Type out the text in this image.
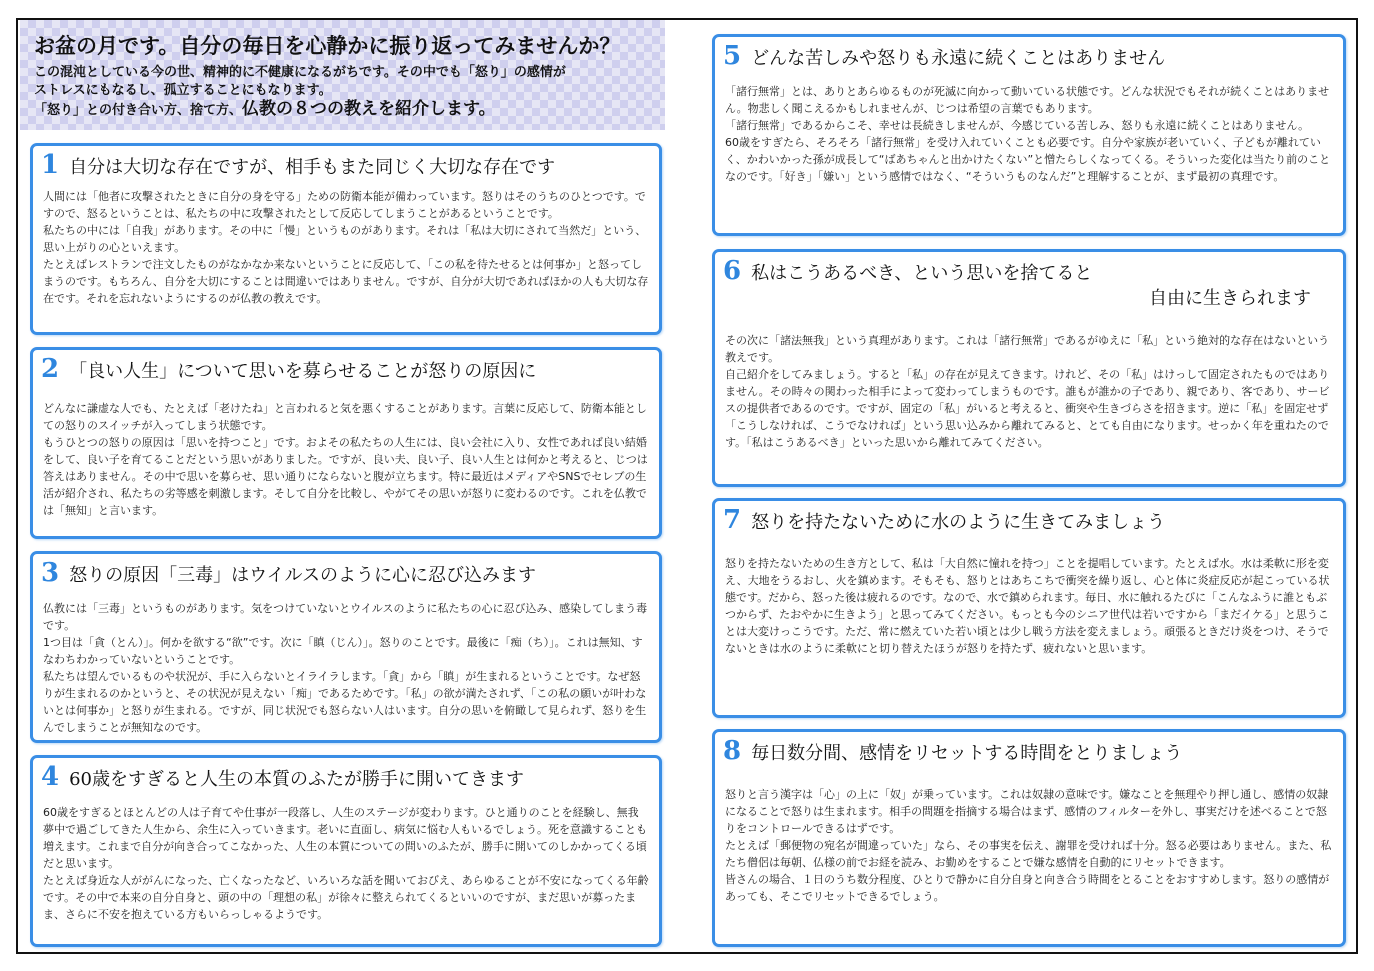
お盆の月です。自分の毎日を心静かに振り返ってみませんか？
この混沌としている今の世、精神的に不健康になるがちです。その中でも「怒り」の感情が
ストレスにもなるし、孤立することにもなります。
「怒り」との付き合い方、捨て方、仏教の８つの教えを紹介します。
1 自分は大切な存在ですが、相手もまた同じく大切な存在です

人間には「他者に攻撃されたときに自分の身を守る」ための防衛本能が備わっています。怒りはそのうちのひとつです。ですので、怒るということは、私たちの中に攻撃されたとして反応してしまうことがあるということです。

私たちの中には「自我」があります。その中に「慢」というものがあります。それは「私は大切にされて当然だ」という、思い上がりの心といえます。

たとえばレストランで注文したものがなかなか来ないということに反応して、「この私を待たせるとは何事か」と怒ってしまうのです。もちろん、自分を大切にすることは間違いではありません。ですが、自分が大切であればほかの人も大切な存在です。それを忘れないようにするのが仏教の教えです。

2 「良い人生」について思いを募らせることが怒りの原因に

どんなに謙虚な人でも、たとえば「老けたね」と言われると気を悪くすることがあります。言葉に反応して、防衛本能としての怒りのスイッチが入ってしまう状態です。

もうひとつの怒りの原因は「思いを持つこと」です。およその私たちの人生には、良い会社に入り、女性であれば良い結婚をして、良い子を育てることだという思いがありました。ですが、良い夫、良い子、良い人生とは何かと考えると、じつは答えはありません。その中で思いを募らせ、思い通りにならないと腹が立ちます。特に最近はメディアやSNSでセレブの生活が紹介され、私たちの劣等感を刺激します。そして自分を比較し、やがてその思いが怒りに変わるのです。これを仏教では「無知」と言います。

3 怒りの原因「三毒」はウイルスのように心に忍び込みます

仏教には「三毒」というものがあります。気をつけていないとウイルスのように私たちの心に忍び込み、感染してしまう毒です。

1つ目は「貪（とん）」。何かを欲する“欲”です。次に「瞋（じん）」。怒りのことです。最後に「痴（ち）」。これは無知、すなわちわかっていないということです。

私たちは望んでいるものや状況が、手に入らないとイライラします。「貪」から「瞋」が生まれるということです。なぜ怒りが生まれるのかというと、その状況が見えない「痴」であるためです。「私」の欲が満たされず、「この私の願いが叶わないとは何事か」と怒りが生まれる。ですが、同じ状況でも怒らない人はいます。自分の思いを俯瞰して見られず、怒りを生んでしまうことが無知なのです。

4 60歳をすぎると人生の本質のふたが勝手に開いてきます

60歳をすぎるとほとんどの人は子育てや仕事が一段落し、人生のステージが変わります。ひと通りのことを経験し、無我夢中で過ごしてきた人生から、余生に入っていきます。老いに直面し、病気に悩む人もいるでしょう。死を意識することも増えます。これまで自分が向き合ってこなかった、人生の本質についての問いのふたが、勝手に開いてのしかかってくる頃だと思います。

たとえば身近な人ががんになった、亡くなったなど、いろいろな話を聞いておびえ、あらゆることが不安になってくる年齢です。その中で本来の自分自身と、頭の中の「理想の私」が徐々に整えられてくるといいのですが、まだ思いが募ったまま、さらに不安を抱えている方もいらっしゃるようです。

5 どんな苦しみや怒りも永遠に続くことはありません

「諸行無常」とは、ありとあらゆるものが死滅に向かって動いている状態です。どんな状況でもそれが続くことはありません。物悲しく聞こえるかもしれませんが、じつは希望の言葉でもあります。

「諸行無常」であるからこそ、幸せは長続きしませんが、今感じている苦しみ、怒りも永遠に続くことはありません。

60歳をすぎたら、そろそろ「諸行無常」を受け入れていくことも必要です。自分や家族が老いていく、子どもが離れていく、かわいかった孫が成長して“ばあちゃんと出かけたくない”と憎たらしくなってくる。そういった変化は当たり前のことなのです。「好き」「嫌い」という感情ではなく、“そういうものなんだ”と理解することが、まず最初の真理です。

6 私はこうあるべき、という思いを捨てると
自由に生きられます

その次に「諸法無我」という真理があります。これは「諸行無常」であるがゆえに「私」という絶対的な存在はないという教えです。

自己紹介をしてみましょう。すると「私」の存在が見えてきます。けれど、その「私」はけっして固定されたものではありません。その時々の関わった相手によって変わってしまうものです。誰もが誰かの子であり、親であり、客であり、サービスの提供者であるのです。ですが、固定の「私」がいると考えると、衝突や生きづらさを招きます。逆に「私」を固定せず「こうしなければ、こうでなければ」という思い込みから離れてみると、とても自由になります。せっかく年を重ねたのです。「私はこうあるべき」といった思いから離れてみてください。

7 怒りを持たないために水のように生きてみましょう

怒りを持たないための生き方として、私は「大自然に憧れを持つ」ことを提唱しています。たとえば水。水は柔軟に形を変え、大地をうるおし、火を鎮めます。そもそも、怒りとはあちこちで衝突を繰り返し、心と体に炎症反応が起こっている状態です。だから、怒った後は疲れるのです。なので、水で鎮められます。毎日、水に触れるたびに「こんなふうに誰ともぶつからず、たおやかに生きよう」と思ってみてください。もっとも今のシニア世代は若いですから「まだイケる」と思うことは大変けっこうです。ただ、常に燃えていた若い頃とは少し戦う方法を変えましょう。頑張るときだけ炎をつけ、そうでないときは水のように柔軟にと切り替えたほうが怒りを持たず、疲れないと思います。

8 毎日数分間、感情をリセットする時間をとりましょう

怒りと言う漢字は「心」の上に「奴」が乗っています。これは奴隷の意味です。嫌なことを無理やり押し通し、感情の奴隷になることで怒りは生まれます。相手の問題を指摘する場合はまず、感情のフィルターを外し、事実だけを述べることで怒りをコントロールできるはずです。

たとえば「郵便物の宛名が間違っていた」なら、その事実を伝え、謝罪を受ければ十分。怒る必要はありません。また、私たち僧侶は毎朝、仏様の前でお経を読み、お勤めをすることで嫌な感情を自動的にリセットできます。

皆さんの場合、１日のうち数分程度、ひとりで静かに自分自身と向き合う時間をとることをおすすめします。怒りの感情があっても、そこでリセットできるでしょう。
